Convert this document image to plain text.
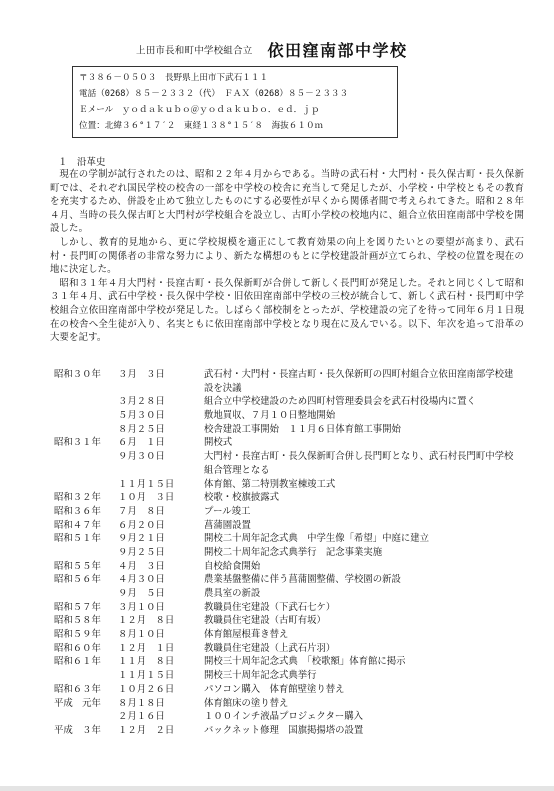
上田市長和町中学校組合立 依田窪南部中学校
〒３８６－０５０３　長野県上田市下武石１１１
電話（0268）８５－２３３２（代）　ＦＡＸ（0268）８５－２３３３
Ｅメール　ｙｏｄａｋｕｂｏ＠ｙｏｄａｋｕｂｏ．ｅｄ．ｊｐ
位置：北緯３６°１７′２　東経１３８°１５′８　海抜６１０ｍ
１　沿革史

現在の学制が試行されたのは、昭和２２年４月からである。当時の武石村・大門村・長久保古町・長久保新町では、それぞれ国民学校の校舎の一部を中学校の校舎に充当して発足したが、小学校・中学校ともその教育を充実するため、併設を止めて独立したものにする必要性が早くから関係者間で考えられてきた。昭和２８年４月、当時の長久保古町と大門村が学校組合を設立し、古町小学校の校地内に、組合立依田窪南部中学校を開設した。

しかし、教育的見地から、更に学校規模を適正にして教育効果の向上を図りたいとの要望が高まり、武石村・長門町の関係者の非常な努力により、新たな構想のもとに学校建設計画が立てられ、学校の位置を現在の地に決定した。

昭和３１年４月大門村・長窪古町・長久保新町が合併して新しく長門町が発足した。それと同じくして昭和３１年４月、武石中学校・長久保中学校・旧依田窪南部中学校の三校が統合して、新しく武石村・長門町中学校組合立依田窪南部中学校が発足した。しばらく部校制をとったが、学校建設の完了を待って同年６月１日現在の校舎へ全生徒が入り、名実ともに依田窪南部中学校となり現在に及んでいる。以下、年次を追って沿革の大要を記す。

昭和３０年	３月　３日	武石村・大門村・長窪古町・長久保新町の四町村組合立依田窪南部学校建設を決議
３月２８日	組合立中学校建設のため四町村管理委員会を武石村役場内に置く
５月３０日	敷地買収、７月１０日整地開始
８月２５日	校舎建設工事開始　１１月６日体育館工事開始
昭和３１年	６月　１日	開校式
９月３０日	大門村・長窪古町・長久保新町合併し長門町となり、武石村長門町中学校組合管理となる
１１月１５日	体育館、第二特別教室棟竣工式
昭和３２年	１０月　３日	校歌・校旗披露式
昭和３６年	７月　８日	プール竣工
昭和４７年	６月２０日	菖蒲園設置
昭和５１年	９月２１日	開校二十周年記念式典　中学生像「希望」中庭に建立
９月２５日	開校二十周年記念式典挙行　記念事業実施
昭和５５年	４月　３日	自校給食開始
昭和５６年	４月３０日	農業基盤整備に伴う菖蒲園整備、学校園の新設
９月　５日	農具室の新設
昭和５７年	３月１０日	教職員住宅建設（下武石七ケ）
昭和５８年	１２月　８日	教職員住宅建設（古町有坂）
昭和５９年	８月１０日	体育館屋根葺き替え
昭和６０年	１２月　１日	教職員住宅建設（上武石片羽）
昭和６１年	１１月　８日	開校三十周年記念式典　「校歌額」体育館に掲示
１１月１５日	開校三十周年記念式典挙行
昭和６３年	１０月２６日	パソコン購入　体育館壁塗り替え
平成　元年	８月１８日	体育館床の塗り替え
２月１６日	１００インチ液晶プロジェクター購入
平成　３年	１２月　２日	バックネット修理　国旗掲揚塔の設置
